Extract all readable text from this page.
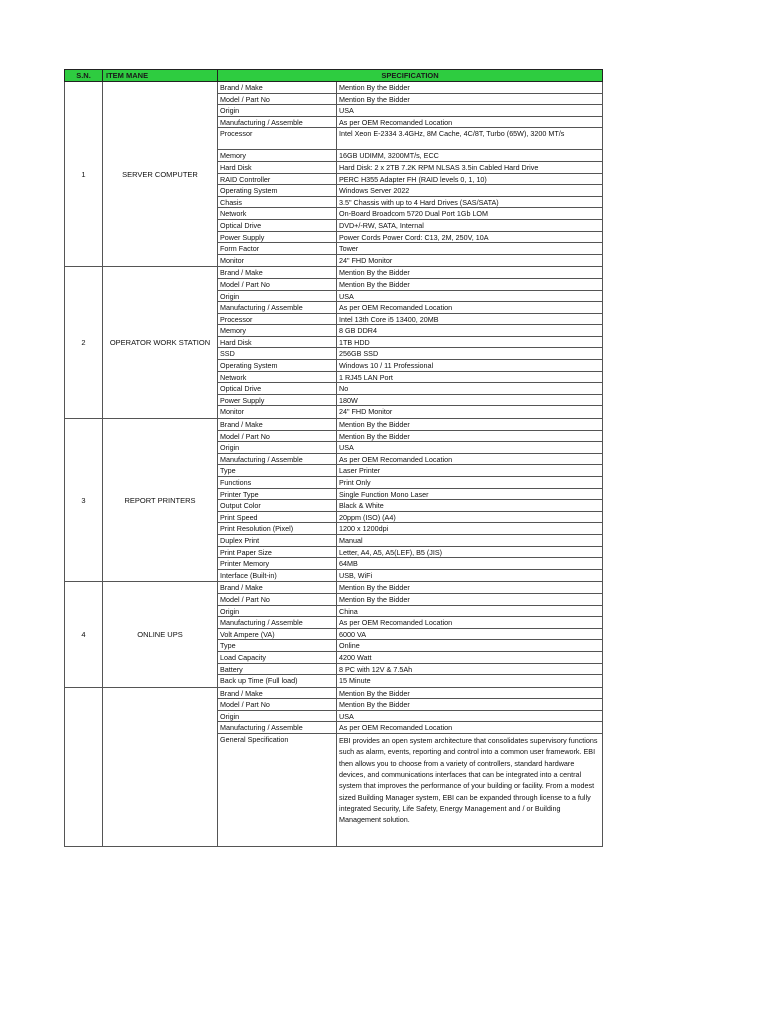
S.N.	ITEM MANE	SPECIFICATION
1	SERVER COMPUTER
Brand / Make	Mention By the Bidder
Model / Part No	Mention By the Bidder
Origin	USA
Manufacturing / Assemble	As per OEM Recomanded Location
Processor	Intel Xeon E-2334 3.4GHz, 8M Cache, 4C/8T, Turbo (65W), 3200 MT/s
Memory	16GB UDIMM, 3200MT/s, ECC
Hard Disk	Hard Disk: 2 x 2TB 7.2K RPM NLSAS 3.5in Cabled Hard Drive
RAID Controller	PERC H355 Adapter FH (RAID levels 0, 1, 10)
Operating System	Windows Server 2022
Chasis	3.5" Chassis with up to 4 Hard Drives (SAS/SATA)
Network	On-Board Broadcom 5720 Dual Port 1Gb LOM
Optical Drive	DVD+/-RW, SATA, Internal
Power Supply	Power Cords Power Cord: C13, 2M, 250V, 10A
Form Factor	Tower
Monitor	24" FHD Monitor
2	OPERATOR WORK STATION
Brand / Make	Mention By the Bidder
Model / Part No	Mention By the Bidder
Origin	USA
Manufacturing / Assemble	As per OEM Recomanded Location
Processor	Intel 13th Core i5 13400, 20MB
Memory	8 GB DDR4
Hard Disk	1TB HDD
SSD	256GB SSD
Operating System	Windows 10 / 11 Professional
Network	1 RJ45 LAN Port
Optical Drive	No
Power Supply	180W
Monitor	24" FHD Monitor
3	REPORT PRINTERS
Brand / Make	Mention By the Bidder
Model / Part No	Mention By the Bidder
Origin	USA
Manufacturing / Assemble	As per OEM Recomanded Location
Type	Laser Printer
Functions	Print Only
Printer Type	Single Function Mono Laser
Output Color	Black & White
Print Speed	20ppm (ISO) (A4)
Print Resolution (Pixel)	1200 x 1200dpi
Duplex Print	Manual
Print Paper Size	Letter, A4, A5, A5(LEF), B5 (JIS)
Printer Memory	64MB
Interface (Built-in)	USB, WiFi
4	ONLINE UPS
Brand / Make	Mention By the Bidder
Model / Part No	Mention By the Bidder
Origin	China
Manufacturing / Assemble	As per OEM Recomanded Location
Volt Ampere (VA)	6000 VA
Type	Online
Load Capacity	4200 Watt
Battery	8 PC with 12V & 7.5Ah
Back up Time (Full load)	15 Minute
Brand / Make	Mention By the Bidder
Model / Part No	Mention By the Bidder
Origin	USA
Manufacturing / Assemble	As per OEM Recomanded Location
General Specification	EBI provides an open system architecture that consolidates supervisory functions such as alarm, events, reporting and control into a common user framework. EBI then allows you to choose from a variety of controllers, standard hardware devices, and communications interfaces that can be integrated into a central system that improves the performance of your building or facility. From a modest sized Building Manager system, EBI can be expanded through license to a fully integrated Security, Life Safety, Energy Management and / or Building Management solution.
